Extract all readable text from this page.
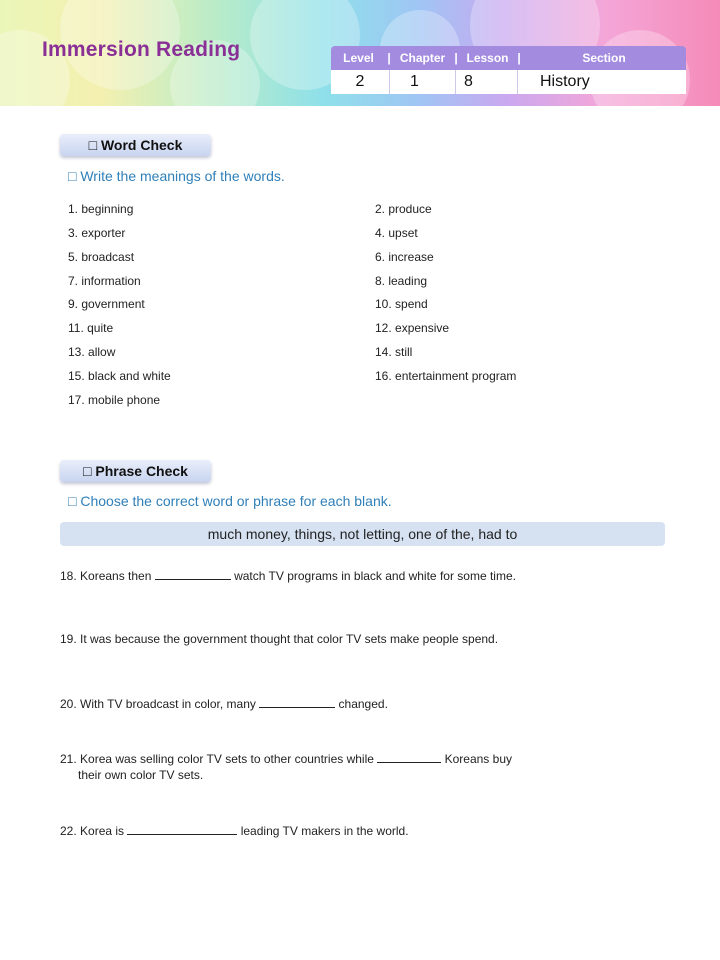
Immersion Reading	Level	| Chapter | Lesson |	Section
2	1	8	History
□ Word Check
□ Write the meanings of the words.
1. beginning	2. produce
3. exporter	4. upset
5. broadcast	6. increase
7. information	8. leading
9. government	10. spend
11. quite	12. expensive
13. allow	14. still
15. black and white	16. entertainment program
17. mobile phone
□ Phrase Check
□ Choose the correct word or phrase for each blank.
much money, things, not letting, one of the, had to
18. Koreans then	watch TV programs in black and white for some time.
19. It was because the government thought that color TV sets make people spend.
20. With TV broadcast in color, many	changed.
21. Korea was selling color TV sets to other countries while	Koreans buy
their own color TV sets.
22. Korea is	leading TV makers in the world.
